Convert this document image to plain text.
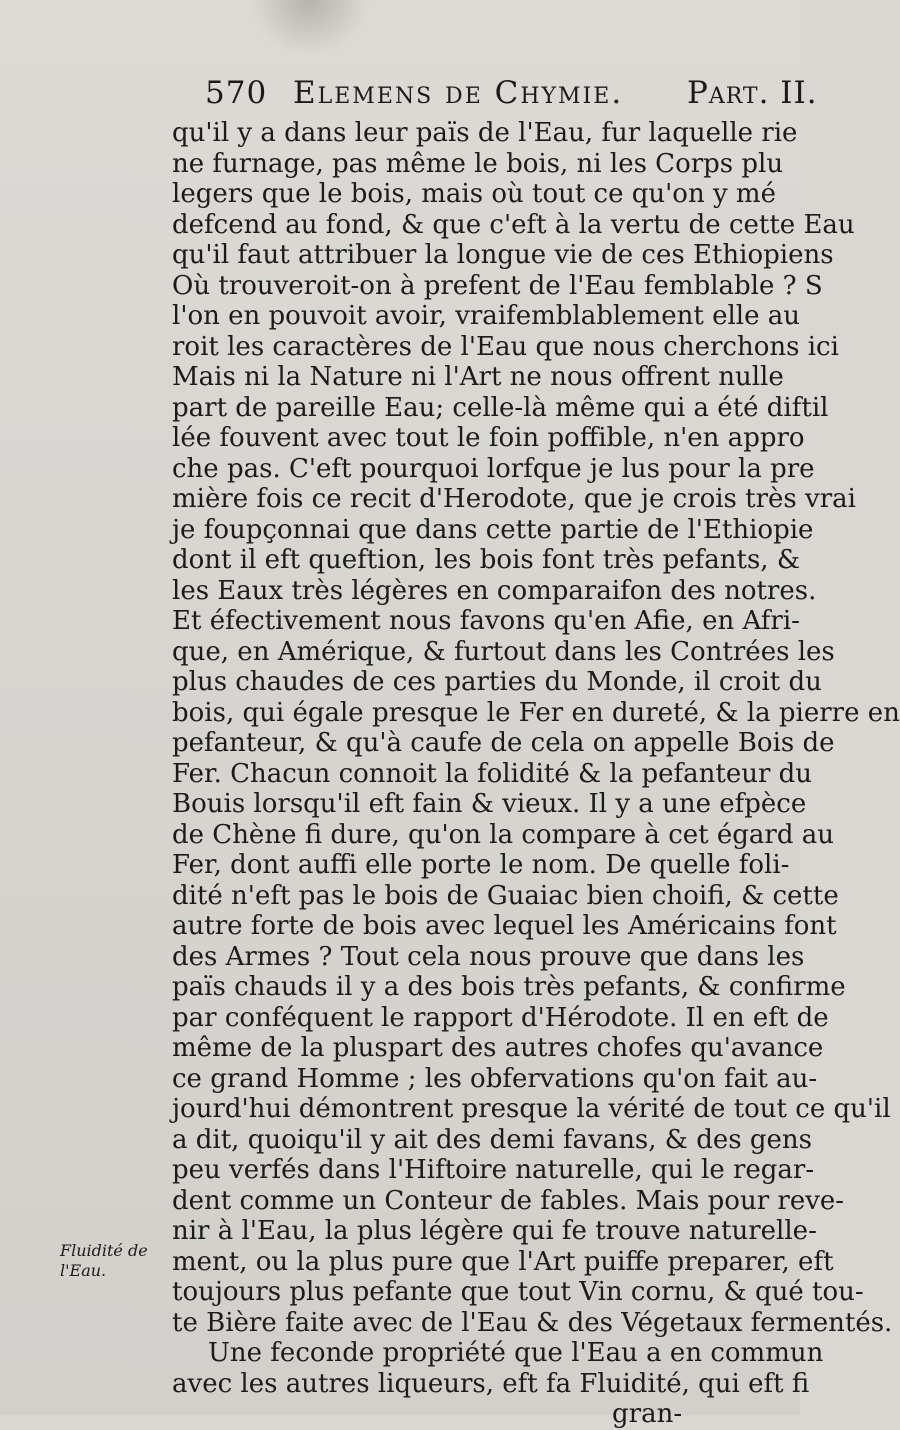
570 Elemens de Chymie. Part. II.
qu'il y a dans leur païs de l'Eau, fur laquelle rie
ne furnage, pas même le bois, ni les Corps plu
legers que le bois, mais où tout ce qu'on y mé
defcend au fond, & que c'eft à la vertu de cette Eau
qu'il faut attribuer la longue vie de ces Ethiopiens
Où trouveroit-on à prefent de l'Eau femblable ? S
l'on en pouvoit avoir, vraifemblablement elle au
roit les caractères de l'Eau que nous cherchons ici
Mais ni la Nature ni l'Art ne nous offrent nulle
part de pareille Eau; celle-là même qui a été diftil
lée fouvent avec tout le foin poffible, n'en appro
che pas. C'eft pourquoi lorfque je lus pour la pre
mière fois ce recit d'Herodote, que je crois très vrai
je foupçonnai que dans cette partie de l'Ethiopie
dont il eft queftion, les bois font très pefants, &
les Eaux très légères en comparaifon des notres.
Et éfectivement nous favons qu'en Afie, en Afri-
que, en Amérique, & furtout dans les Contrées les
plus chaudes de ces parties du Monde, il croit du
bois, qui égale presque le Fer en dureté, & la pierre en
pefanteur, & qu'à caufe de cela on appelle Bois de
Fer. Chacun connoit la folidité & la pefanteur du
Bouis lorsqu'il eft fain & vieux. Il y a une efpèce
de Chène fi dure, qu'on la compare à cet égard au
Fer, dont auffi elle porte le nom. De quelle foli-
dité n'eft pas le bois de Guaiac bien choifi, & cette
autre forte de bois avec lequel les Américains font
des Armes ? Tout cela nous prouve que dans les
païs chauds il y a des bois très pefants, & confirme
par conféquent le rapport d'Hérodote. Il en eft de
même de la pluspart des autres chofes qu'avance
ce grand Homme ; les obfervations qu'on fait au-
jourd'hui démontrent presque la vérité de tout ce qu'il
a dit, quoiqu'il y ait des demi favans, & des gens
peu verfés dans l'Hiftoire naturelle, qui le regar-
dent comme un Conteur de fables. Mais pour reve-
nir à l'Eau, la plus légère qui fe trouve naturelle-
ment, ou la plus pure que l'Art puiffe preparer, eft
toujours plus pefante que tout Vin cornu, & qué tou-
te Bière faite avec de l'Eau & des Végetaux fermentés.
Une feconde propriété que l'Eau a en commun
avec les autres liqueurs, eft fa Fluidité, qui eft fi
gran-
Fluidité de l'Eau.
